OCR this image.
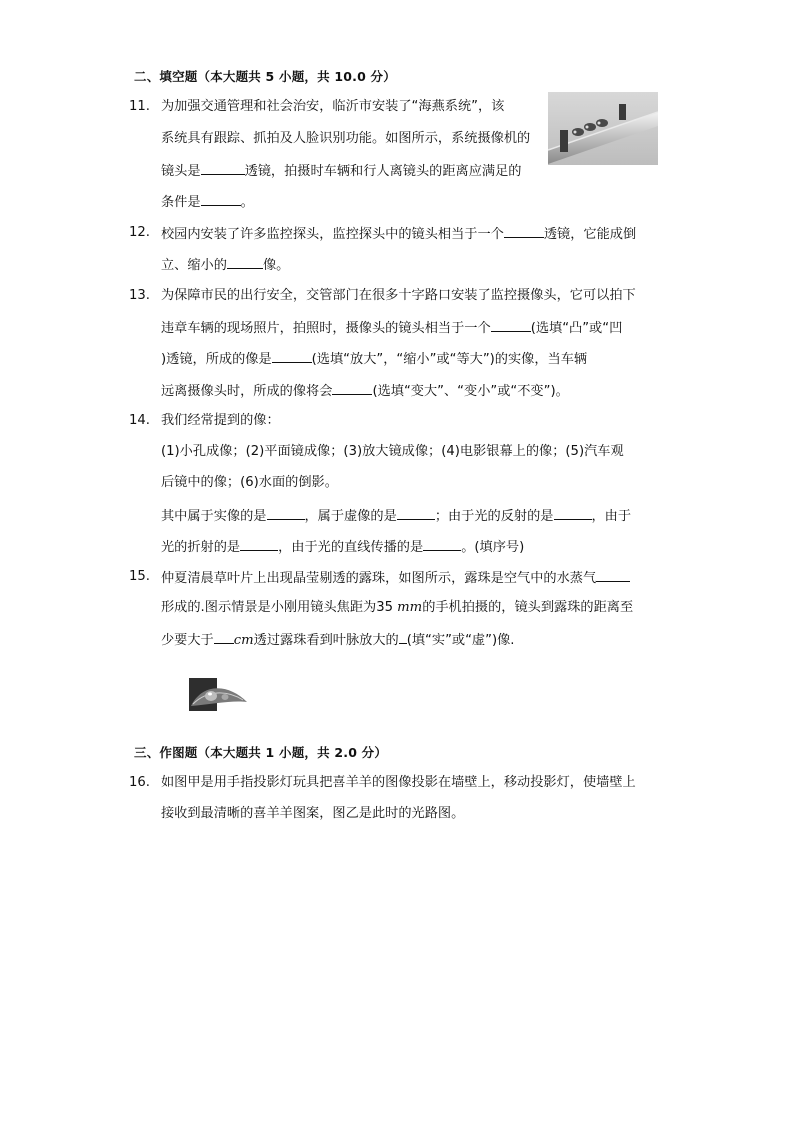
二、填空题（本大题共 5 小题，共 10.0 分）
11. 为加强交通管理和社会治安，临沂市安装了“海燕系统”，该
系统具有跟踪、抓拍及人脸识别功能。如图所示，系统摄像机的
镜头是	透镜，拍摄时车辆和行人离镜头的距离应满足的
条件是	。
12. 校园内安装了许多监控探头，监控探头中的镜头相当于一个	透镜，它能成倒
立、缩小的	像。
13. 为保障市民的出行安全，交管部门在很多十字路口安装了监控摄像头，它可以拍下
违章车辆的现场照片，拍照时，摄像头的镜头相当于一个	(选填“凸”或“凹
)透镜，所成的像是	(选填“放大”，“缩小”或“等大”)的实像，当车辆
远离摄像头时，所成的像将会	(选填“变大”、“变小”或“不变”)。
14. 我们经常提到的像：
(1)小孔成像；(2)平面镜成像；(3)放大镜成像；(4)电影银幕上的像；(5)汽车观
后镜中的像；(6)水面的倒影。
其中属于实像的是	，属于虚像的是	；由于光的反射的是	，由于
光的折射的是	，由于光的直线传播的是	。(填序号)
15. 仲夏清晨草叶片上出现晶莹剔透的露珠，如图所示，露珠是空气中的水蒸气
形成的.图示情景是小刚用镜头焦距为35 mm的手机拍摄的，镜头到露珠的距离至
少要大于 cm透过露珠看到叶脉放大的 (填“实”或“虚”)像.
三、作图题（本大题共 1 小题，共 2.0 分）
16. 如图甲是用手指投影灯玩具把喜羊羊的图像投影在墙壁上，移动投影灯，使墙壁上
接收到最清晰的喜羊羊图案，图乙是此时的光路图。
